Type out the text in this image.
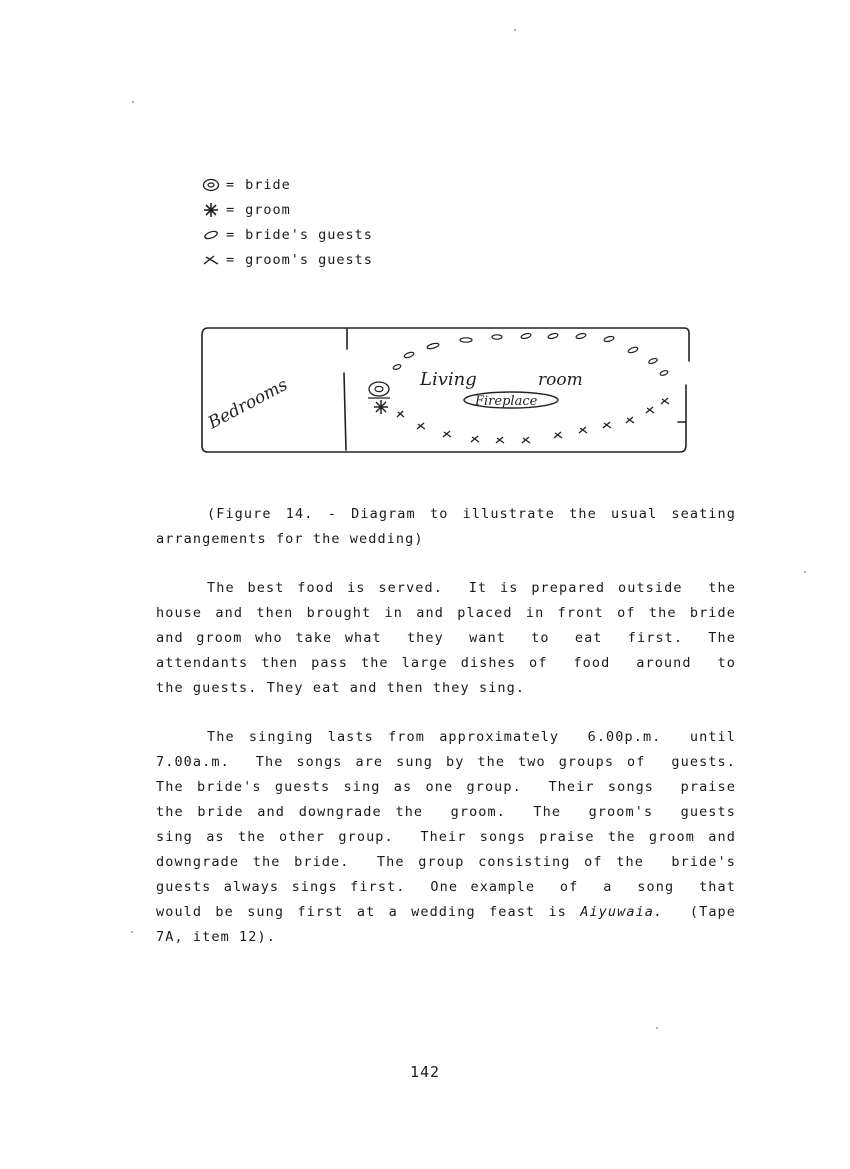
= bride
= groom
= bride's guests
= groom's guests
Bedrooms	Living	room
Fireplace
(Figure 14. - Diagram to illustrate the usual seating
arrangements for the wedding)
The best food is served.  It is prepared outside  the
house and then brought in and placed in front of the bride
and groom who take what  they  want  to  eat  first.  The
attendants then pass the large dishes of  food  around  to
the guests. They eat and then they sing.
The singing lasts from approximately  6.00p.m.  until
7.00a.m.  The songs are sung by the two groups of  guests.
The bride's guests sing as one group.  Their songs  praise
the bride and downgrade the  groom.  The  groom's  guests
sing as the other group.  Their songs praise the groom and
downgrade the bride.  The group consisting of the  bride's
guests always sings first.  One example  of  a  song  that
would be sung first at a wedding feast is Aiyuwaia.  (Tape
7A, item 12).
142
